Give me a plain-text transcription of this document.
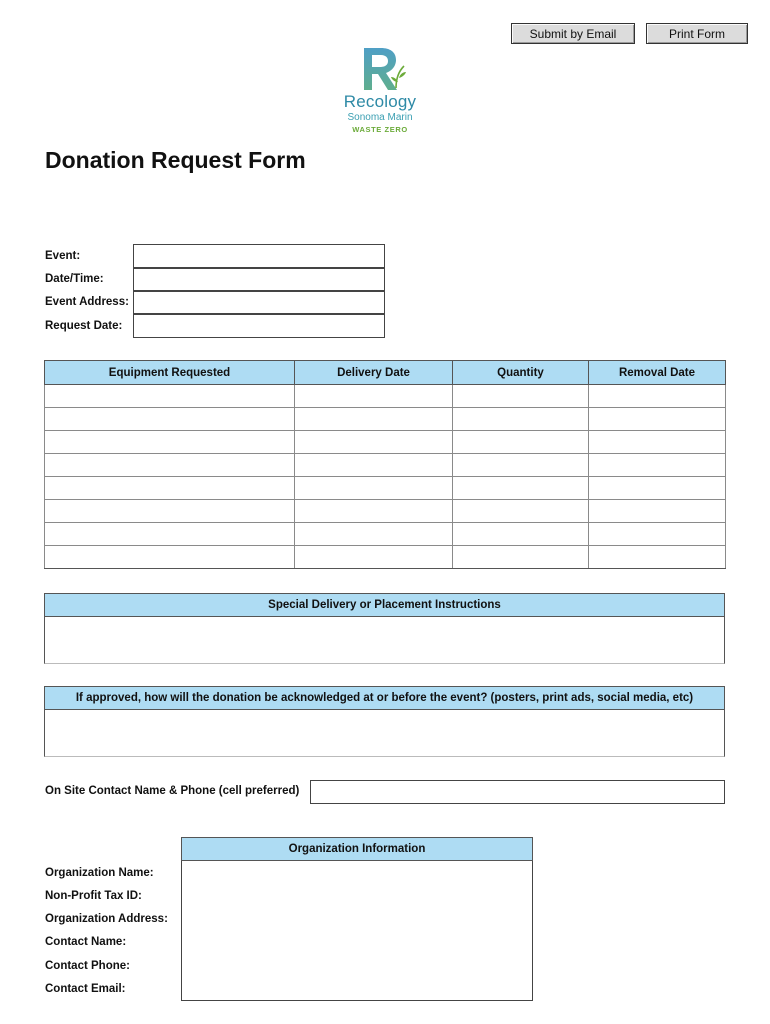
Submit by Email	Print Form
Recology
Sonoma Marin
WASTE ZERO
Donation Request Form
Event:
Date/Time:
Event Address:
Request Date:
Equipment Requested	Delivery Date	Quantity	Removal Date

Special Delivery or Placement Instructions
If approved, how will the donation be acknowledged at or before the event? (posters, print ads, social media, etc)
On Site Contact Name & Phone (cell preferred)
Organization Information
Organization Name:
Non-Profit Tax ID:
Organization Address:
Contact Name:
Contact Phone:
Contact Email:
